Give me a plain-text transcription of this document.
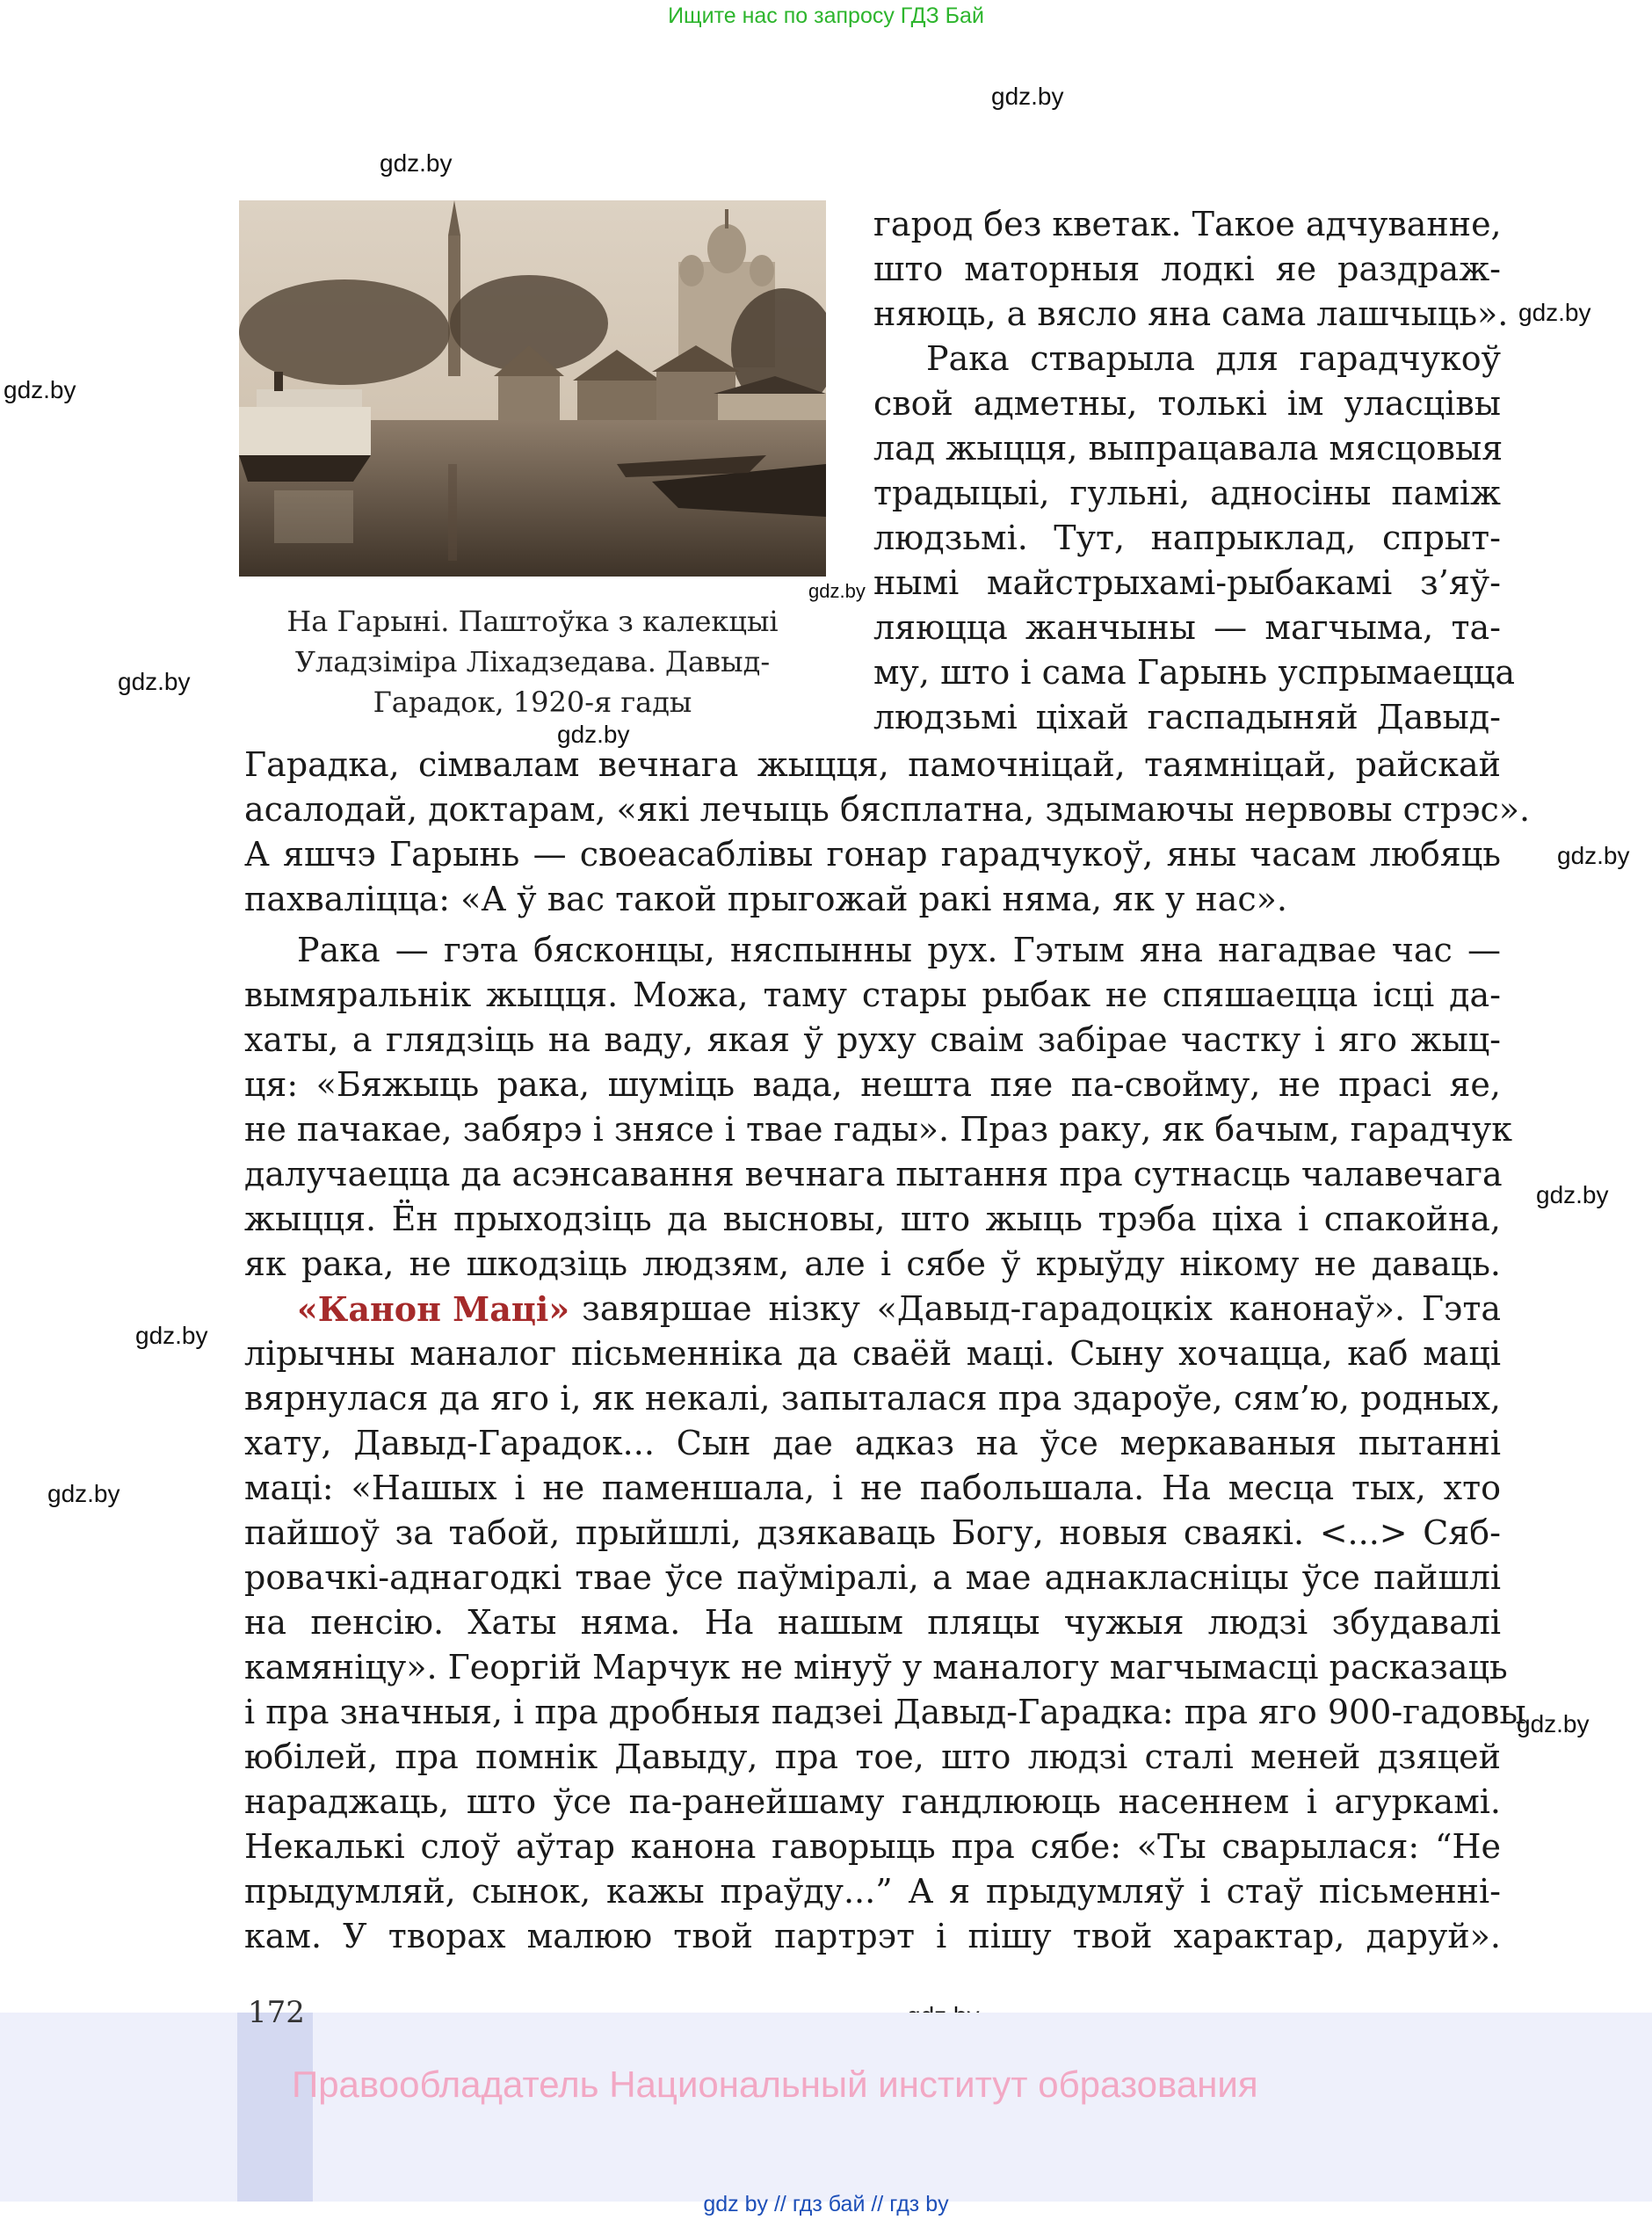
Ищите нас по запросу ГДЗ Бай
gdz.by
gdz.by
gdz.by
gdz.by
gdz.by
gdz.by
gdz.by
gdz.by
gdz.by
gdz.by
gdz.by
gdz.by
На Гарыні. Паштоўка з калекцыі
Уладзіміра Ліхадзедава. Давыд-
Гарадок, 1920-я гады
гарод без кветак. Такое адчуванне,
што маторныя лодкі яе раздраж-
няюць, а вясло яна сама лашчыць».
Рака стварыла для гарадчукоў
свой адметны, толькі ім уласцівы
лад жыцця, выпрацавала мясцовыя
традыцыі, гульні, адносіны паміж
людзьмі. Тут, напрыклад, спрыт-
нымі майстрыхамі-рыбакамі з’яў-
ляюцца жанчыны — магчыма, та-
му, што і сама Гарынь успрымаецца
людзьмі ціхай гаспадыняй Давыд-
Гарадка, сімвалам вечнага жыцця, памочніцай, таямніцай, райскай
асалодай, доктарам, «які лечыць бясплатна, здымаючы нервовы стрэс».
А яшчэ Гарынь — своеасаблівы гонар гарадчукоў, яны часам любяць
пахваліцца: «А ў вас такой прыгожай ракі няма, як у нас».
Рака — гэта бясконцы, няспынны рух. Гэтым яна нагадвае час —
вымяральнік жыцця. Можа, таму стары рыбак не спяшаецца ісці да-
хаты, а глядзіць на ваду, якая ў руху сваім забірае частку і яго жыц-
ця: «Бяжыць рака, шуміць вада, нешта пяе па-свойму, не прасі яе,
не пачакае, забярэ і знясе і твае гады». Праз раку, як бачым, гарадчук
далучаецца да асэнсавання вечнага пытання пра сутнасць чалавечага
жыцця. Ён прыходзіць да высновы, што жыць трэба ціха і спакойна,
як рака, не шкодзіць людзям, але і сябе ў крыўду нікому не даваць.
«Канон Маці» завяршае нізку «Давыд-гарадоцкіх канонаў». Гэта
лірычны маналог пісьменніка да сваёй маці. Сыну хочацца, каб маці
вярнулася да яго і, як некалі, запыталася пра здароўе, сям’ю, родных,
хату, Давыд-Гарадок... Сын дае адказ на ўсе меркаваныя пытанні
маці: «Нашых і не паменшала, і не пабольшала. На месца тых, хто
пайшоў за табой, прыйшлі, дзякаваць Богу, новыя сваякі. <...> Сяб-
ровачкі-аднагодкі твае ўсе паўміралі, а мае аднакласніцы ўсе пайшлі
на пенсію. Хаты няма. На нашым пляцы чужыя людзі збудавалі
камяніцу». Георгій Марчук не мінуў у маналогу магчымасці расказаць
і пра значныя, і пра дробныя падзеі Давыд-Гарадка: пра яго 900-гадовы
юбілей, пра помнік Давыду, пра тое, што людзі сталі меней дзяцей
нараджаць, што ўсе па-ранейшаму гандлююць насеннем і агуркамі.
Некалькі слоў аўтар канона гаворыць пра сябе: «Ты сварылася: “Не
прыдумляй, сынок, кажы праўду...” А я прыдумляў і стаў пісьменні-
кам. У творах малюю твой партрэт і пішу твой характар, даруй».
172
Правообладатель Национальный институт образования
gdz by // гдз бай // гдз by
